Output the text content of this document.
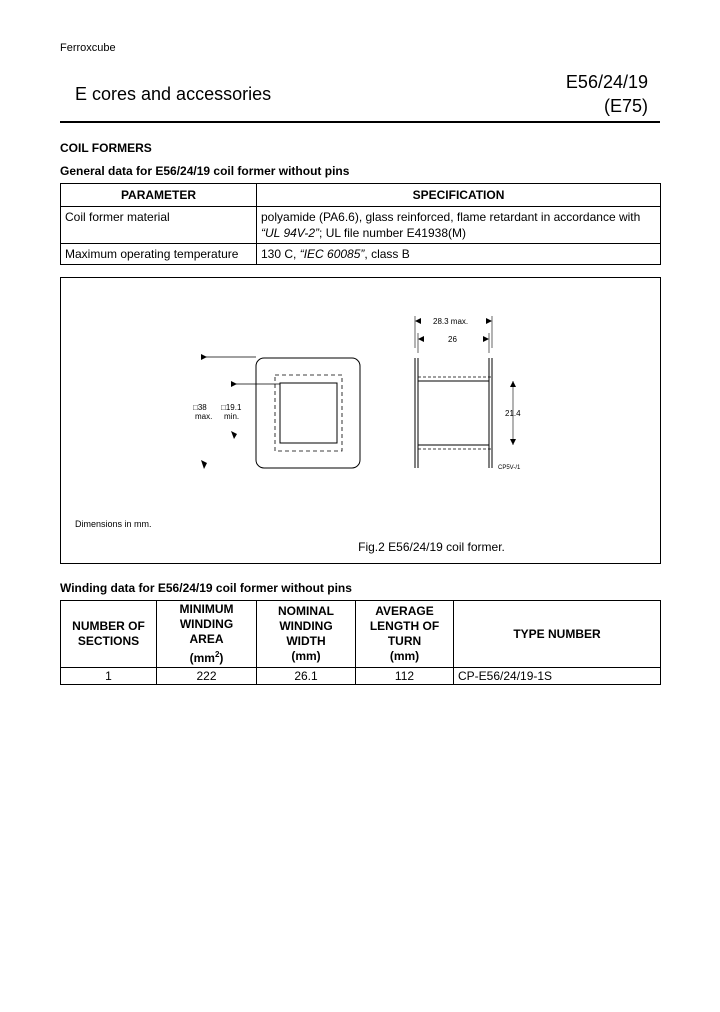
Ferroxcube
E cores and accessories
E56/24/19
(E75)
COIL FORMERS
General data for E56/24/19 coil former without pins
PARAMETER	SPECIFICATION
Coil former material	polyamide (PA6.6), glass reinforced, flame retardant in accordance with
“UL 94V-2”; UL file number E41938(M)
Maximum operating temperature	130 C, “IEC 60085”, class B
□38
max.
□19.1
min.
28.3 max.
26
21.4
CP5V-/1
Dimensions in mm.
Fig.2 E56/24/19 coil former.
Winding data for E56/24/19 coil former without pins
NUMBER OF
SECTIONS	MINIMUM
WINDING
AREA
$(mm^2)$	NOMINAL
WINDING
WIDTH
(mm)	AVERAGE
LENGTH OF
TURN
(mm)	TYPE NUMBER
1	222	26.1	112	CP-E56/24/19-1S
